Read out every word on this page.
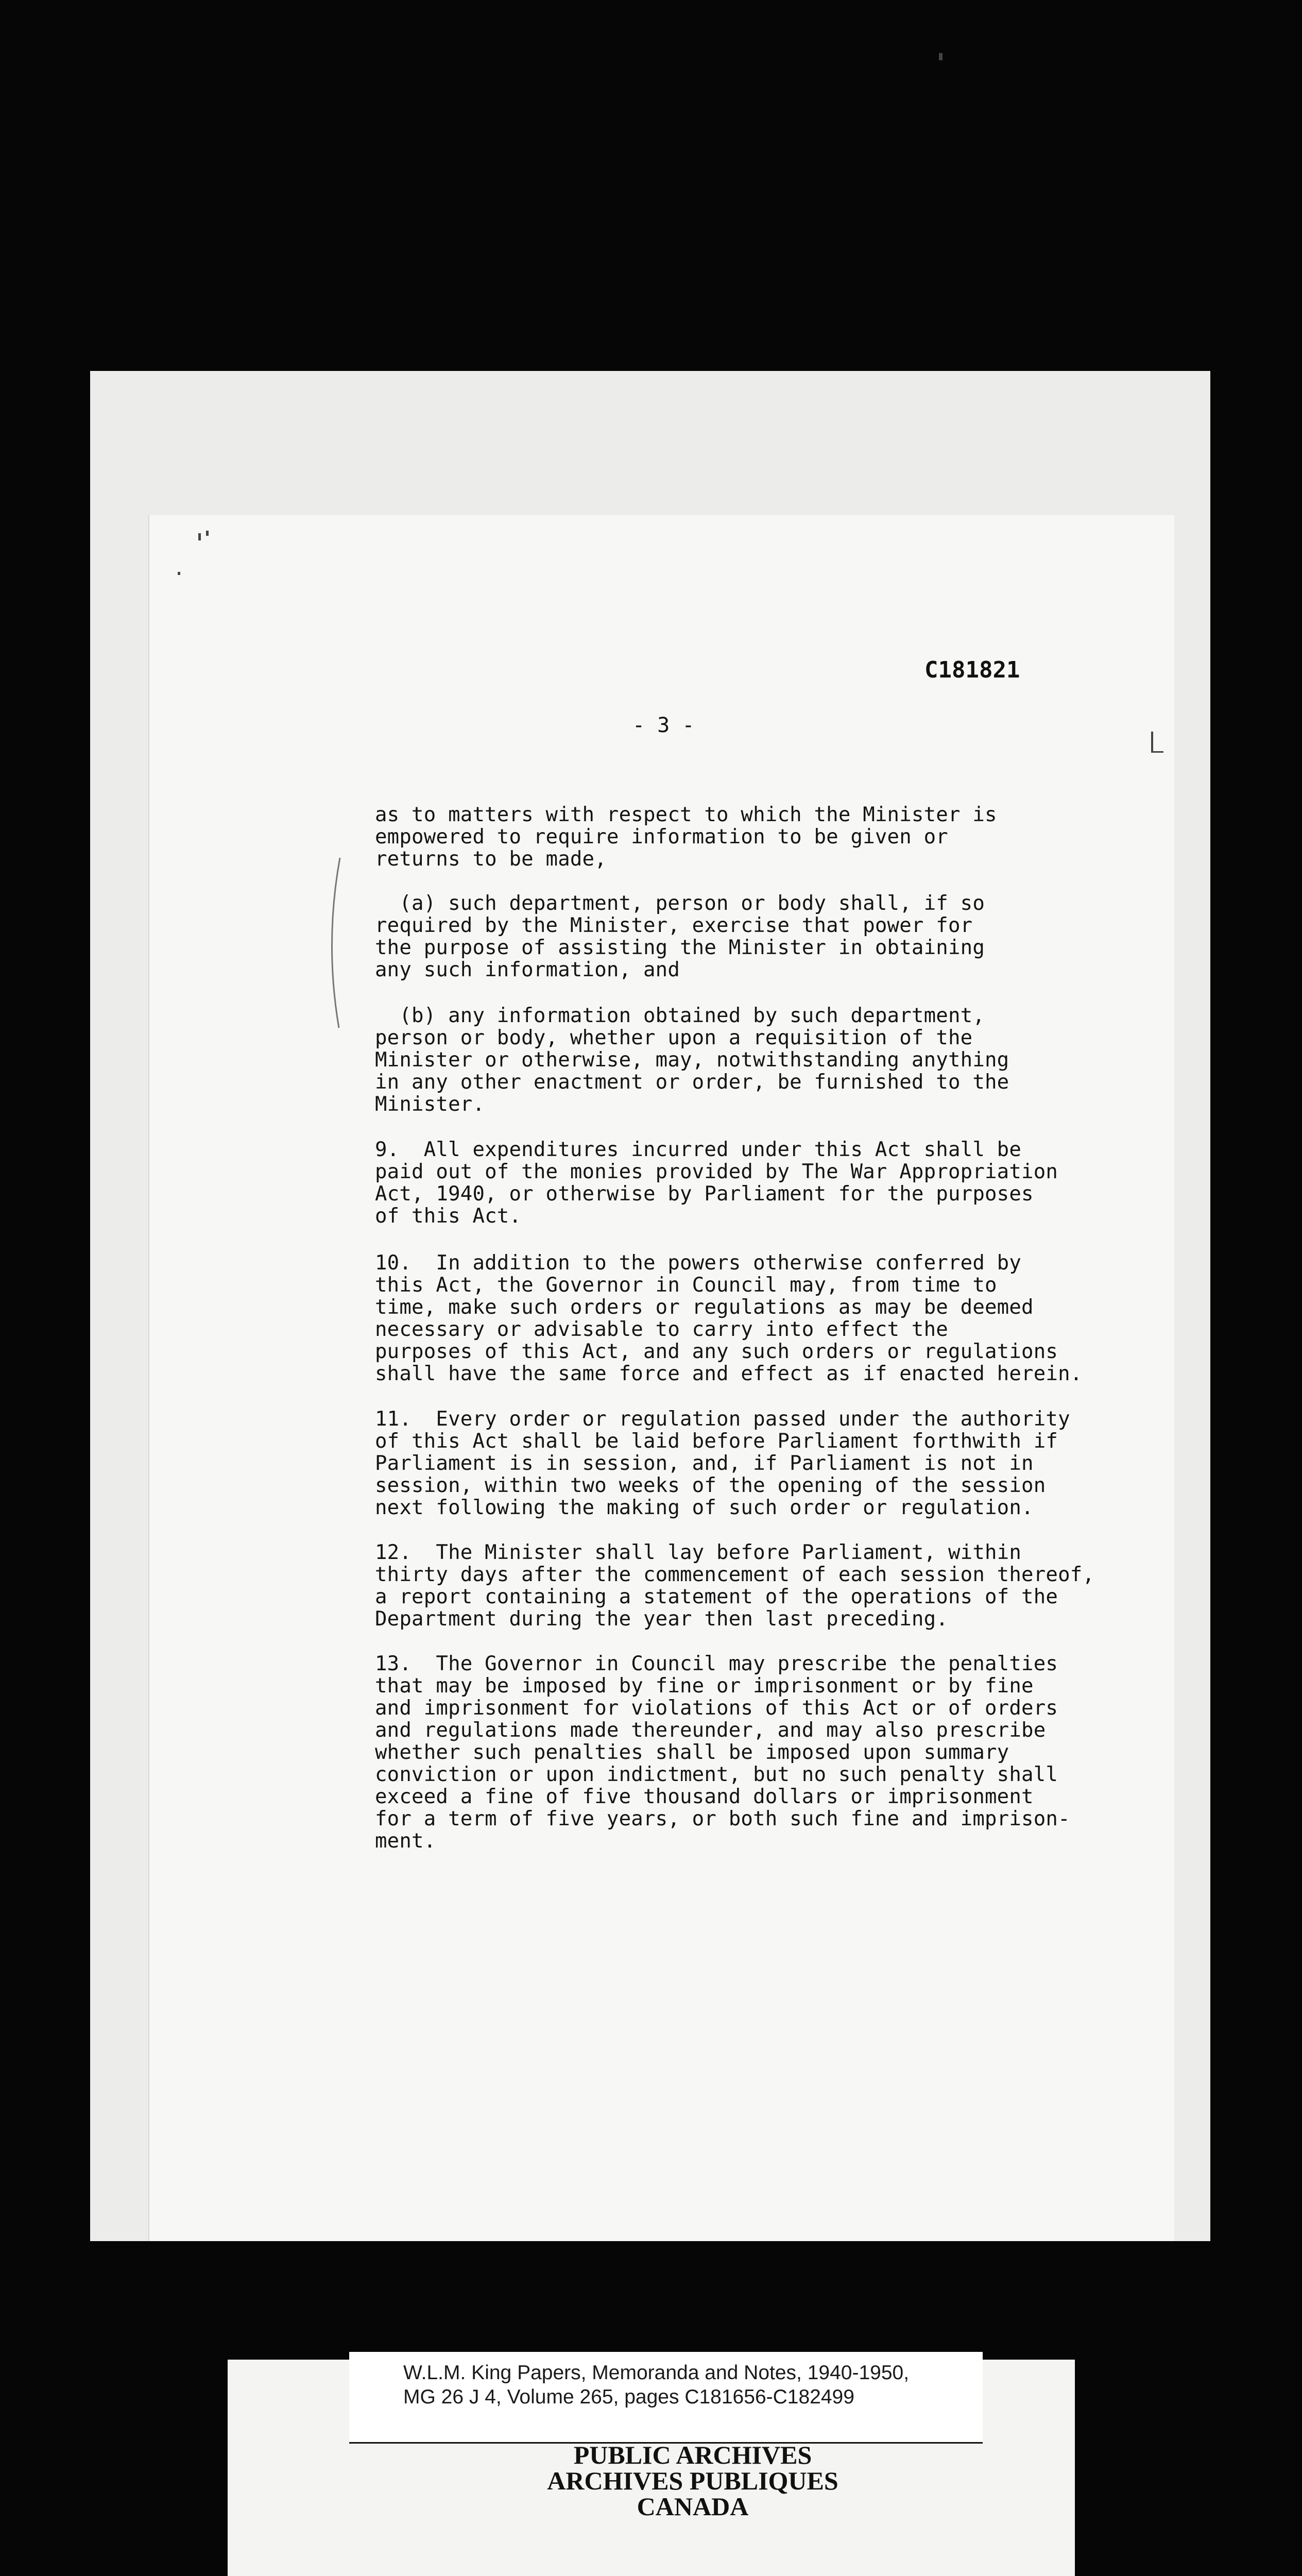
C181821
- 3 -
as to matters with respect to which the Minister is
empowered to require information to be given or
returns to be made,
(a) such department, person or body shall, if so
required by the Minister, exercise that power for
the purpose of assisting the Minister in obtaining
any such information, and
(b) any information obtained by such department,
person or body, whether upon a requisition of the
Minister or otherwise, may, notwithstanding anything
in any other enactment or order, be furnished to the
Minister.
9.  All expenditures incurred under this Act shall be
paid out of the monies provided by The War Appropriation
Act, 1940, or otherwise by Parliament for the purposes
of this Act.
10.  In addition to the powers otherwise conferred by
this Act, the Governor in Council may, from time to
time, make such orders or regulations as may be deemed
necessary or advisable to carry into effect the
purposes of this Act, and any such orders or regulations
shall have the same force and effect as if enacted herein.
11.  Every order or regulation passed under the authority
of this Act shall be laid before Parliament forthwith if
Parliament is in session, and, if Parliament is not in
session, within two weeks of the opening of the session
next following the making of such order or regulation.
12.  The Minister shall lay before Parliament, within
thirty days after the commencement of each session thereof,
a report containing a statement of the operations of the
Department during the year then last preceding.
13.  The Governor in Council may prescribe the penalties
that may be imposed by fine or imprisonment or by fine
and imprisonment for violations of this Act or of orders
and regulations made thereunder, and may also prescribe
whether such penalties shall be imposed upon summary
conviction or upon indictment, but no such penalty shall
exceed a fine of five thousand dollars or imprisonment
for a term of five years, or both such fine and imprison-
ment.
W.L.M. King Papers, Memoranda and Notes, 1940-1950,
MG 26 J 4, Volume 265, pages C181656-C182499
PUBLIC ARCHIVES
ARCHIVES PUBLIQUES
CANADA
